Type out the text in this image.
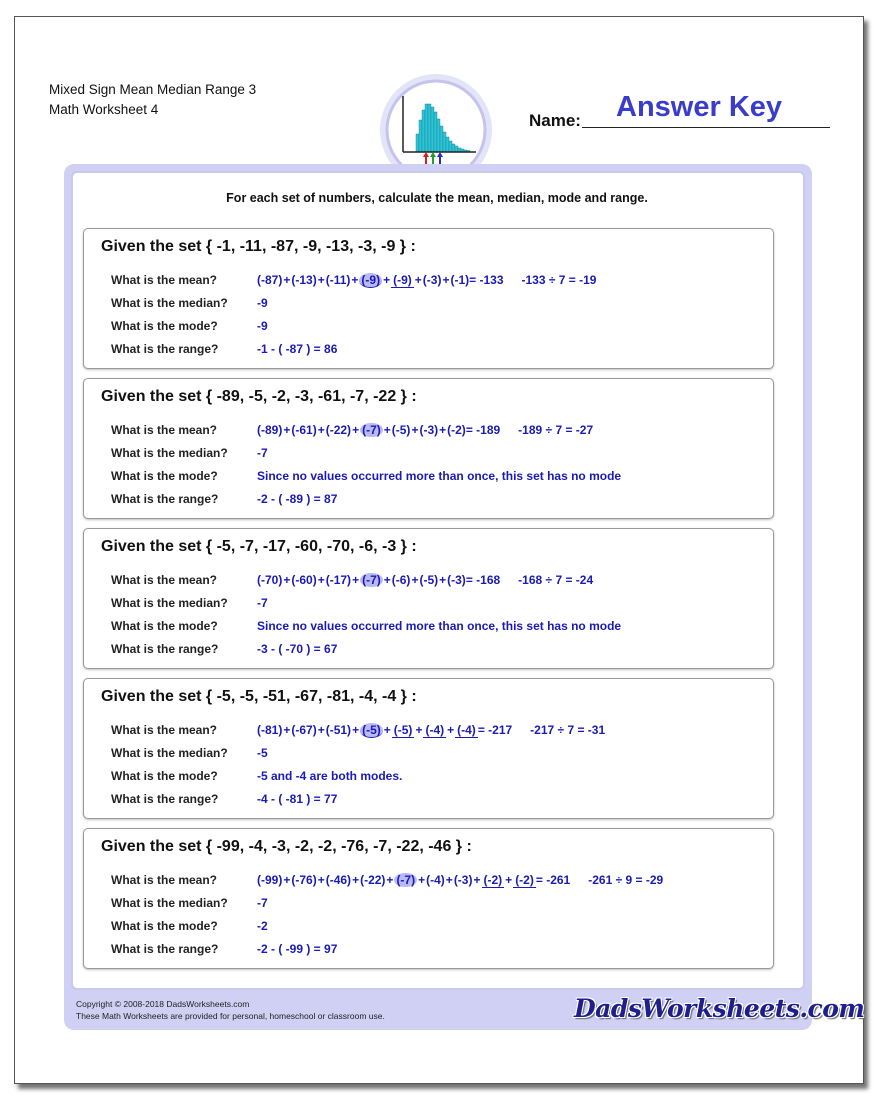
Mixed Sign Mean Median Range 3
Math Worksheet 4	Answer Key
Name:
For each set of numbers, calculate the mean, median, mode and range.
Given the set { -1, -11, -87, -9, -13, -3, -9 } :
What is the mean?	(-87)+(-13)+(-11)+ (-9) + (-9) +(-3)+(-1)= -133 -133 ÷ 7 = -19
What is the median? -9
What is the mode?	-9
What is the range?	-1 - ( -87 ) = 86
Given the set { -89, -5, -2, -3, -61, -7, -22 } :
What is the mean?	(-89)+(-61)+(-22)+ (-7) +(-5)+(-3)+(-2)= -189 -189 ÷ 7 = -27
What is the median? -7
What is the mode?	Since no values occurred more than once, this set has no mode
What is the range?	-2 - ( -89 ) = 87
Given the set { -5, -7, -17, -60, -70, -6, -3 } :
What is the mean?	(-70)+(-60)+(-17)+ (-7) +(-6)+(-5)+(-3)= -168 -168 ÷ 7 = -24
What is the median? -7
What is the mode?	Since no values occurred more than once, this set has no mode
What is the range?	-3 - ( -70 ) = 67
Given the set { -5, -5, -51, -67, -81, -4, -4 } :
What is the mean?	(-81)+(-67)+(-51)+ (-5) + (-5) + (-4) + (-4) = -217 -217 ÷ 7 = -31
What is the median? -5
What is the mode?	-5 and -4 are both modes.
What is the range?	-4 - ( -81 ) = 77
Given the set { -99, -4, -3, -2, -2, -76, -7, -22, -46 } :
What is the mean?	(-99)+(-76)+(-46)+(-22)+ (-7) +(-4)+(-3)+ (-2) + (-2) = -261 -261 ÷ 9 = -29
What is the median? -7
What is the mode?	-2
What is the range?	-2 - ( -99 ) = 97
Copyright © 2008-2018 DadsWorksheets.com
These Math Worksheets are provided for personal, homeschool or classroom use.	DadsWorksheets.com
